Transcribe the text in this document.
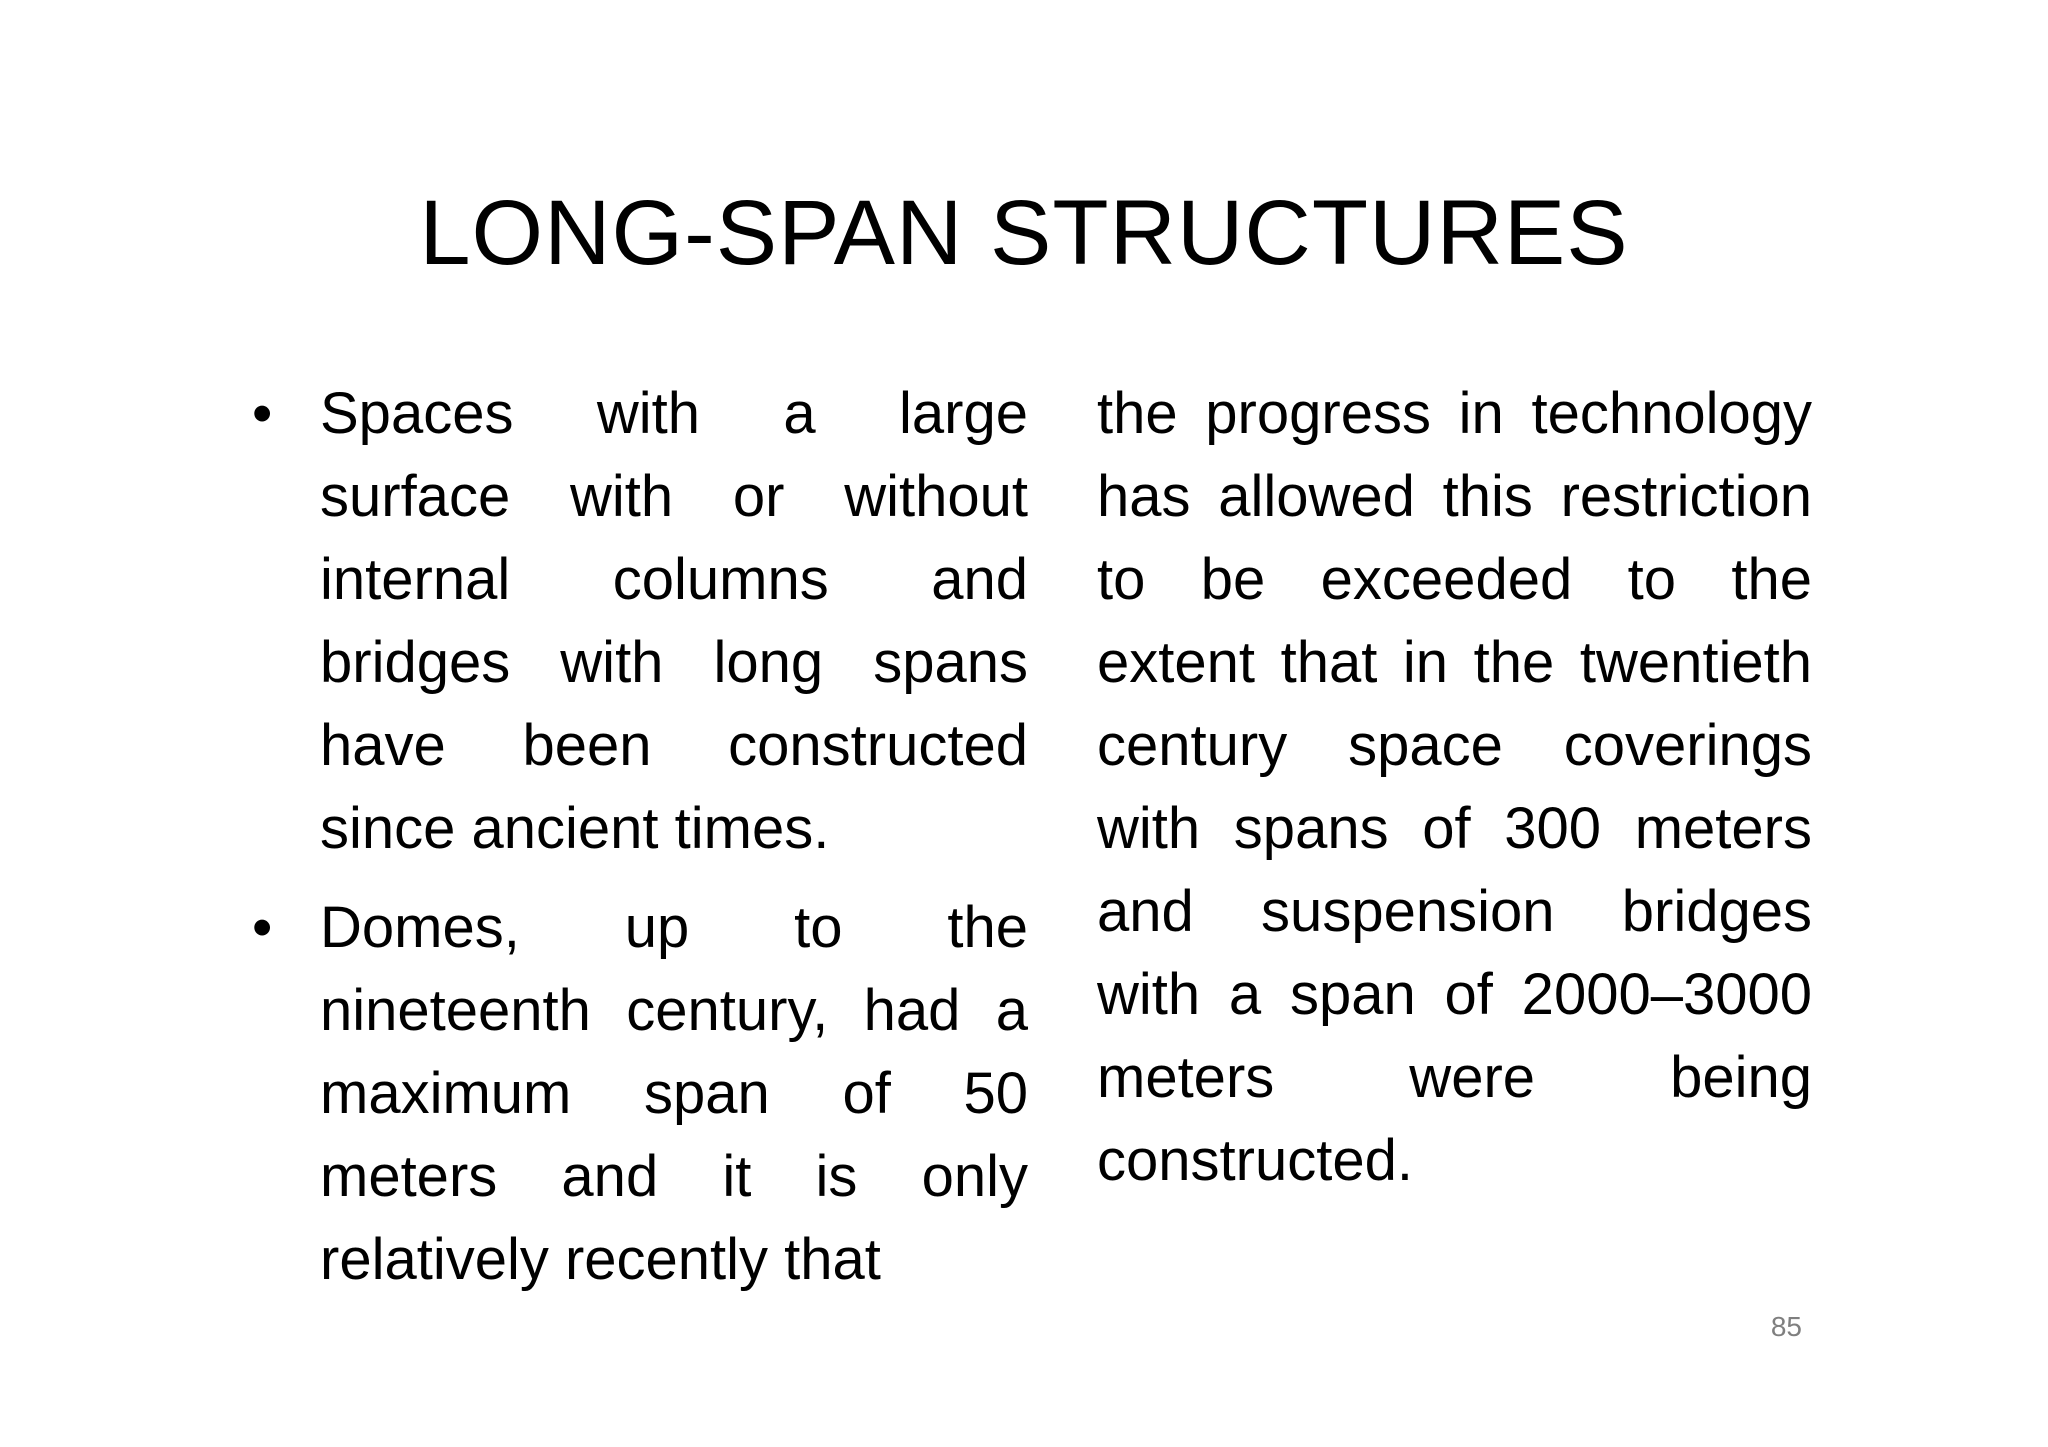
LONG-SPAN STRUCTURES
• Spaces with a large surface with or without internal columns and bridges with long spans have been constructed since ancient times.
• Domes, up to the nineteenth century, had a maximum span of 50 meters and it is only relatively recently that

the progress in technology has allowed this restriction to be exceeded to the extent that in the twentieth century space coverings with spans of 300 meters and suspension bridges with a span of 2000–3000 meters were being constructed.

85
